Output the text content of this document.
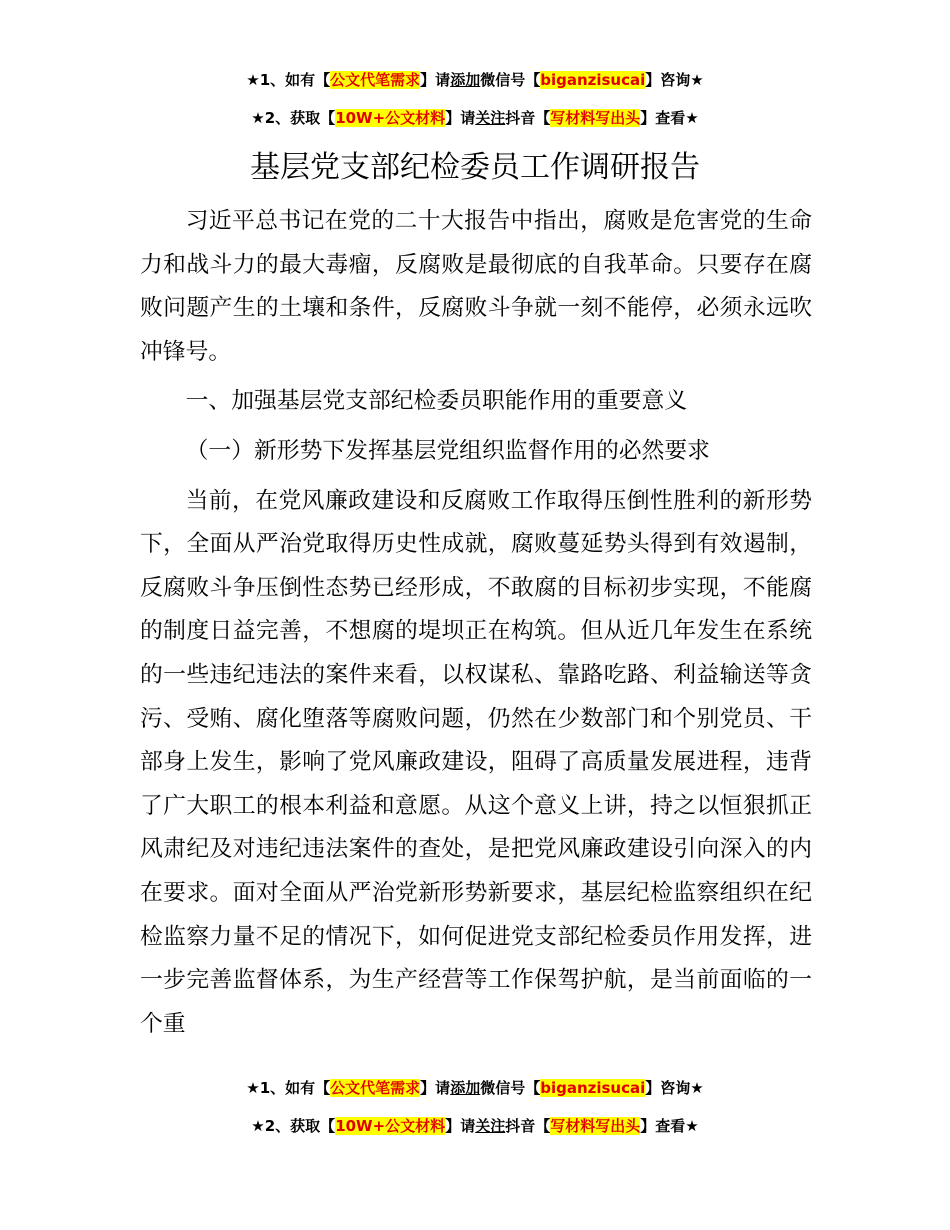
★1、如有【公文代笔需求】请添加微信号【biganzisucai】咨询★
★2、获取【10W+公文材料】请关注抖音【写材料写出头】查看★
基层党支部纪检委员工作调研报告

习近平总书记在党的二十大报告中指出，腐败是危害党的生命力和战斗力的最大毒瘤，反腐败是最彻底的自我革命。只要存在腐败问题产生的土壤和条件，反腐败斗争就一刻不能停，必须永远吹冲锋号。

一、加强基层党支部纪检委员职能作用的重要意义

（一）新形势下发挥基层党组织监督作用的必然要求

当前，在党风廉政建设和反腐败工作取得压倒性胜利的新形势下，全面从严治党取得历史性成就，腐败蔓延势头得到有效遏制，反腐败斗争压倒性态势已经形成，不敢腐的目标初步实现，不能腐的制度日益完善，不想腐的堤坝正在构筑。但从近几年发生在系统的一些违纪违法的案件来看，以权谋私、靠路吃路、利益输送等贪污、受贿、腐化堕落等腐败问题，仍然在少数部门和个别党员、干部身上发生，影响了党风廉政建设，阻碍了高质量发展进程，违背了广大职工的根本利益和意愿。从这个意义上讲，持之以恒狠抓正风肃纪及对违纪违法案件的查处，是把党风廉政建设引向深入的内在要求。面对全面从严治党新形势新要求，基层纪检监察组织在纪检监察力量不足的情况下，如何促进党支部纪检委员作用发挥，进一步完善监督体系，为生产经营等工作保驾护航，是当前面临的一个重

★1、如有【公文代笔需求】请添加微信号【biganzisucai】咨询★
★2、获取【10W+公文材料】请关注抖音【写材料写出头】查看★
